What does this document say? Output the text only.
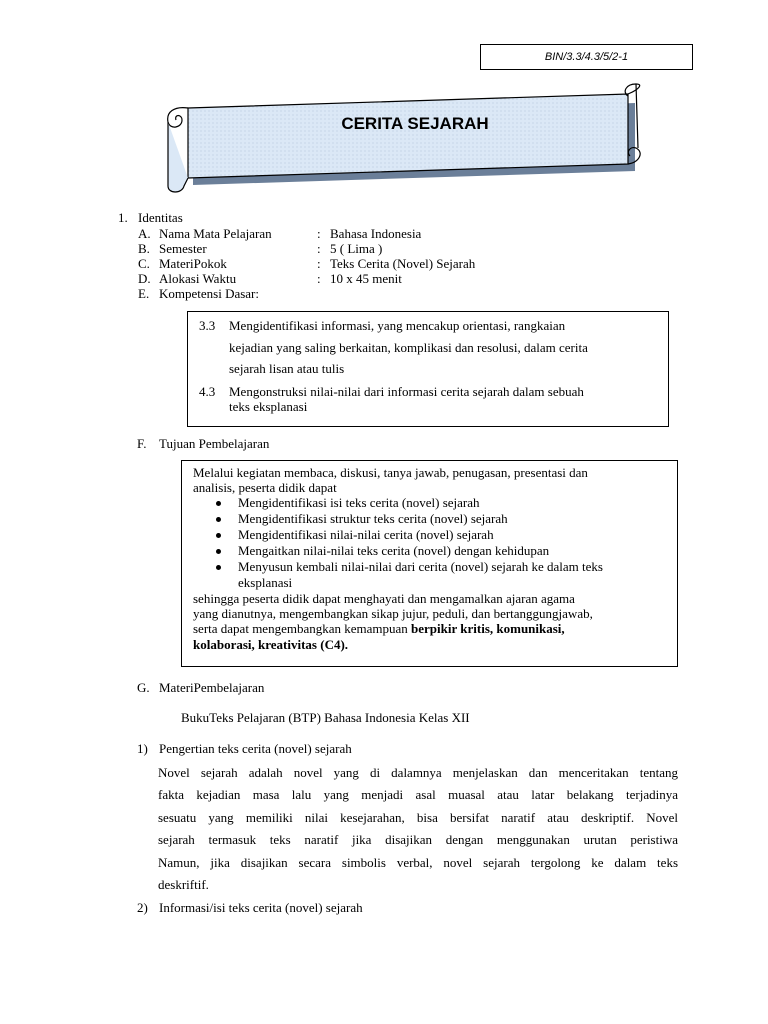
BIN/3.3/4.3/5/2-1
CERITA SEJARAH
1. Identitas
A. Nama Mata Pelajaran	: Bahasa Indonesia
B. Semester	: 5 ( Lima )
C. MateriPokok	: Teks Cerita (Novel) Sejarah
D. Alokasi Waktu	: 10 x 45 menit
E. Kompetensi Dasar:
3.3 Mengidentifikasi informasi, yang mencakup orientasi, rangkaian
kejadian yang saling berkaitan, komplikasi dan resolusi, dalam cerita
sejarah lisan atau tulis
4.3 Mengonstruksi nilai-nilai dari informasi cerita sejarah dalam sebuah
teks eksplanasi
F. Tujuan Pembelajaran
Melalui kegiatan membaca, diskusi, tanya jawab, penugasan, presentasi dan
analisis, peserta didik dapat
Mengidentifikasi isi teks cerita (novel) sejarah
Mengidentifikasi struktur teks cerita (novel) sejarah
Mengidentifikasi nilai-nilai cerita (novel) sejarah
Mengaitkan nilai-nilai teks cerita (novel) dengan kehidupan
Menyusun kembali nilai-nilai dari cerita (novel) sejarah ke dalam teks
eksplanasi
sehingga peserta didik dapat menghayati dan mengamalkan ajaran agama
yang dianutnya, mengembangkan sikap jujur, peduli, dan bertanggungjawab,
serta dapat mengembangkan kemampuan berpikir kritis, komunikasi,
kolaborasi, kreativitas (C4).
G. MateriPembelajaran
BukuTeks Pelajaran (BTP) Bahasa Indonesia Kelas XII
1) Pengertian teks cerita (novel) sejarah
Novel sejarah adalah novel yang di dalamnya menjelaskan dan menceritakan tentang
fakta kejadian masa lalu yang menjadi asal muasal atau latar belakang terjadinya
sesuatu yang memiliki nilai kesejarahan, bisa bersifat naratif atau deskriptif. Novel
sejarah termasuk teks naratif jika disajikan dengan menggunakan urutan peristiwa
Namun, jika disajikan secara simbolis verbal, novel sejarah tergolong ke dalam teks
deskriftif.
2) Informasi/isi teks cerita (novel) sejarah
